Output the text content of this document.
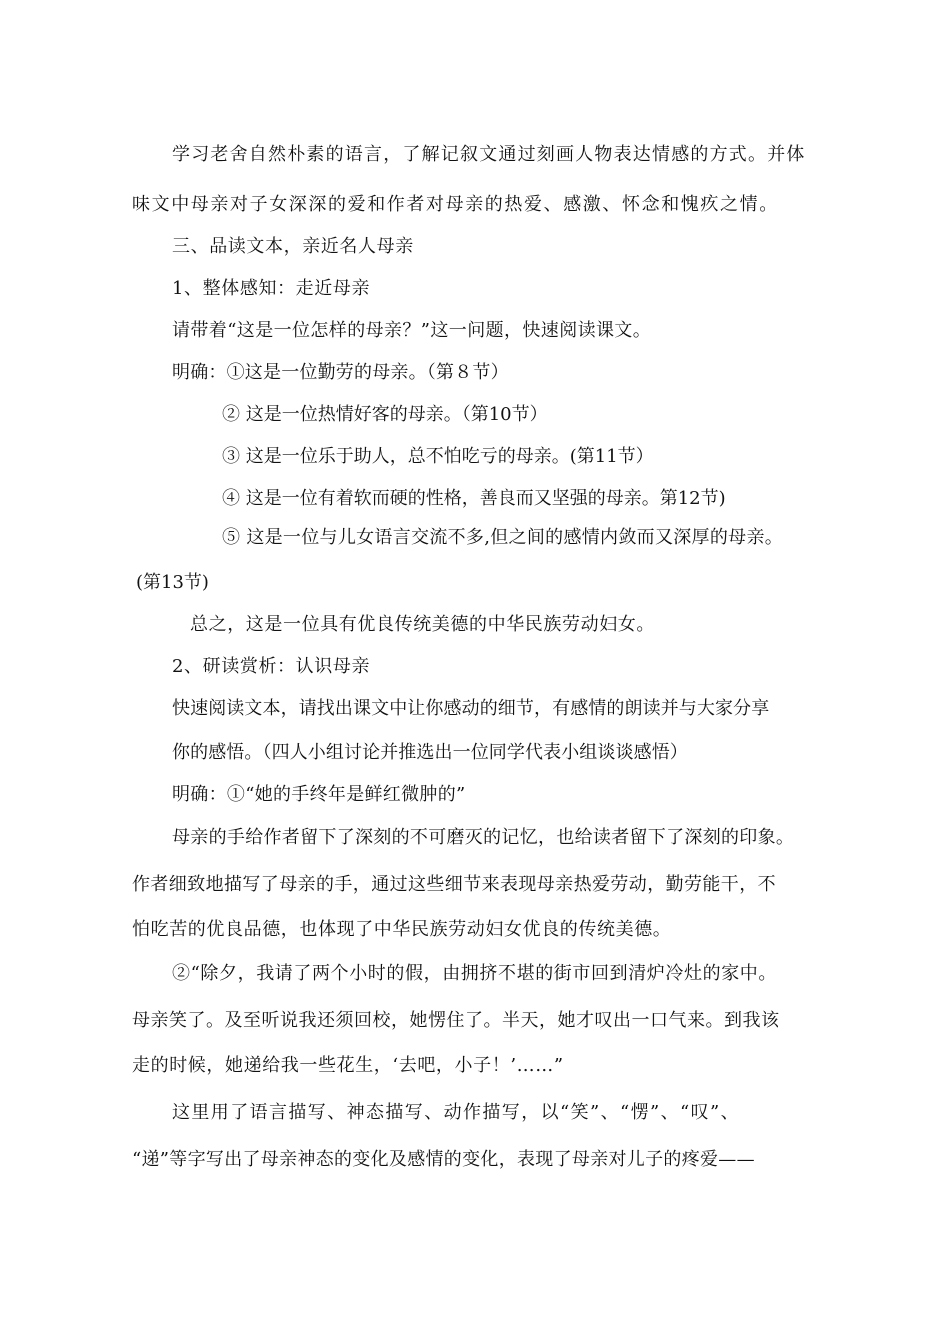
学习老舍自然朴素的语言，了解记叙文通过刻画人物表达情感的方式。并体
味文中母亲对子女深深的爱和作者对母亲的热爱、感激、怀念和愧疚之情。
三、品读文本，亲近名人母亲
1、整体感知：走近母亲
请带着“这是一位怎样的母亲？”这一问题，快速阅读课文。
明确：①这是一位勤劳的母亲。（第８节）
② 这是一位热情好客的母亲。（第10节）
③ 这是一位乐于助人，总不怕吃亏的母亲。(第11节）
④ 这是一位有着软而硬的性格，善良而又坚强的母亲。第12节)
⑤ 这是一位与儿女语言交流不多,但之间的感情内敛而又深厚的母亲。
(第13节)
总之，这是一位具有优良传统美德的中华民族劳动妇女。
2、研读赏析：认识母亲
快速阅读文本，请找出课文中让你感动的细节，有感情的朗读并与大家分享
你的感悟。（四人小组讨论并推选出一位同学代表小组谈谈感悟）
明确：①“她的手终年是鲜红微肿的”
母亲的手给作者留下了深刻的不可磨灭的记忆，也给读者留下了深刻的印象。
作者细致地描写了母亲的手，通过这些细节来表现母亲热爱劳动，勤劳能干，不
怕吃苦的优良品德，也体现了中华民族劳动妇女优良的传统美德。
②“除夕，我请了两个小时的假，由拥挤不堪的街市回到清炉冷灶的家中。
母亲笑了。及至听说我还须回校，她愣住了。半天，她才叹出一口气来。到我该
走的时候，她递给我一些花生，‘去吧，小子！’……”
这里用了语言描写、神态描写、动作描写，以“笑”、“愣”、“叹”、
“递”等字写出了母亲神态的变化及感情的变化，表现了母亲对儿子的疼爱——
